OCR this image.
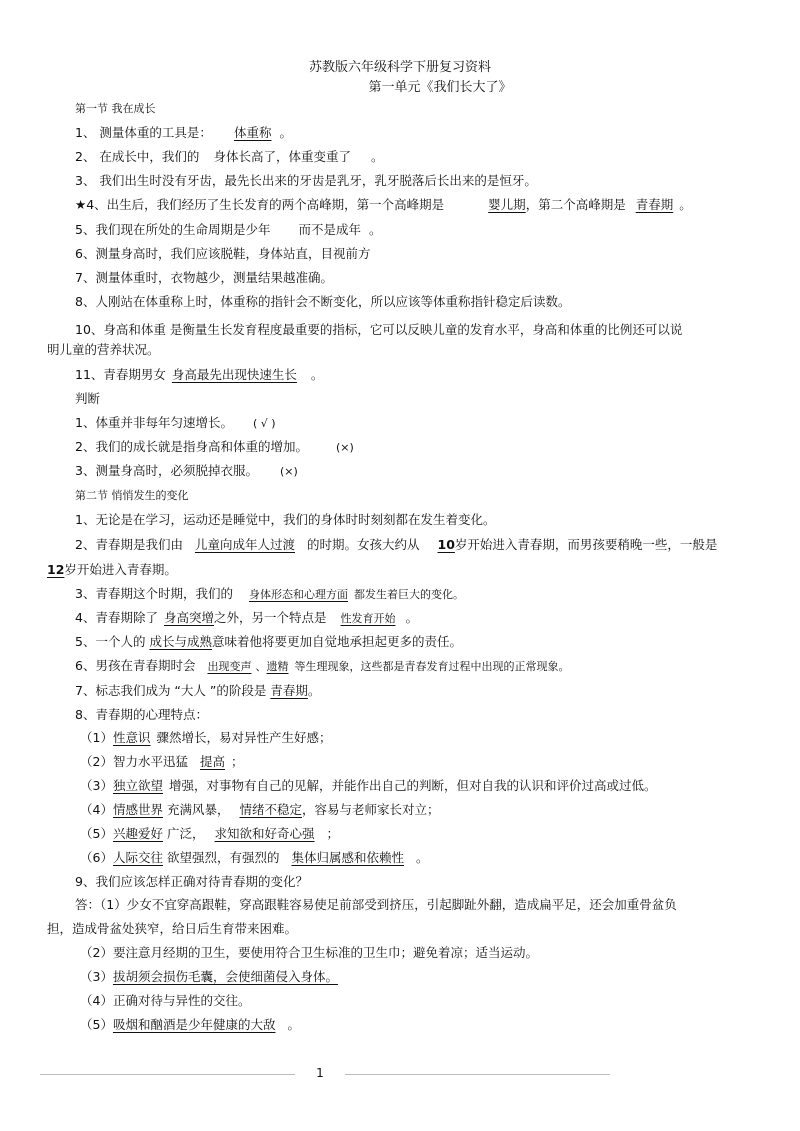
苏教版六年级科学下册复习资料
第一单元《我们长大了》
第一节 我在成长
1、 测量体重的工具是： 体重称 。
2、 在成长中，我们的 身体长高了，体重变重了 。
3、 我们出生时没有牙齿，最先长出来的牙齿是乳牙，乳牙脱落后长出来的是恒牙。
★4、出生后，我们经历了生长发育的两个高峰期，第一个高峰期是	婴儿期，第二个高峰期是 青春期 。
5、我们现在所处的生命周期是少年 而不是成年 。
6、测量身高时，我们应该脱鞋，身体站直，目视前方
7、测量体重时，衣物越少，测量结果越准确。
8、人刚站在体重称上时，体重称的指针会不断变化，所以应该等体重称指针稳定后读数。
10、身高和体重 是衡量生长发育程度最重要的指标，它可以反映儿童的发育水平，身高和体重的比例还可以说
明儿童的营养状况。
11、青春期男女 身高最先出现快速生长 。
判断
1、体重并非每年匀速增长。 ( √ )
2、我们的成长就是指身高和体重的增加。	(×)
3、测量身高时，必须脱掉衣服。 (×)
第二节 悄悄发生的变化
1、无论是在学习，运动还是睡觉中，我们的身体时时刻刻都在发生着变化。
2、青春期是我们由 儿童向成年人过渡 的时期。女孩大约从 10岁开始进入青春期，而男孩要稍晚一些，一般是
12岁开始进入青春期。
3、青春期这个时期，我们的 身体形态和心理方面 都发生着巨大的变化。
4、青春期除了 身高突增之外，另一个特点是 性发育开始 。
5、一个人的 成长与成熟意味着他将要更加自觉地承担起更多的责任。
6、男孩在青春期时会 出现变声 、遗精 等生理现象，这些都是青春发育过程中出现的正常现象。
7、标志我们成为 “大人 ”的阶段是 青春期。
8、青春期的心理特点：
（1）性意识 骤然增长，易对异性产生好感；
（2）智力水平迅猛 提高 ；
（3）独立欲望 增强，对事物有自己的见解，并能作出自己的判断，但对自我的认识和评价过高或过低。
（4）情感世界 充满风暴， 情绪不稳定，容易与老师家长对立；
（5）兴趣爱好 广泛， 求知欲和好奇心强 ；
（6）人际交往 欲望强烈，有强烈的 集体归属感和依赖性 。
9、我们应该怎样正确对待青春期的变化？
答：（1）少女不宜穿高跟鞋，穿高跟鞋容易使足前部受到挤压，引起脚趾外翻，造成扁平足，还会加重骨盆负
担，造成骨盆处狭窄，给日后生育带来困难。
（2）要注意月经期的卫生，要使用符合卫生标准的卫生巾；避免着凉；适当运动。
（3）拔胡须会损伤毛囊，会使细菌侵入身体。
（4）正确对待与异性的交往。
（5）吸烟和酗酒是少年健康的大敌 。
1
